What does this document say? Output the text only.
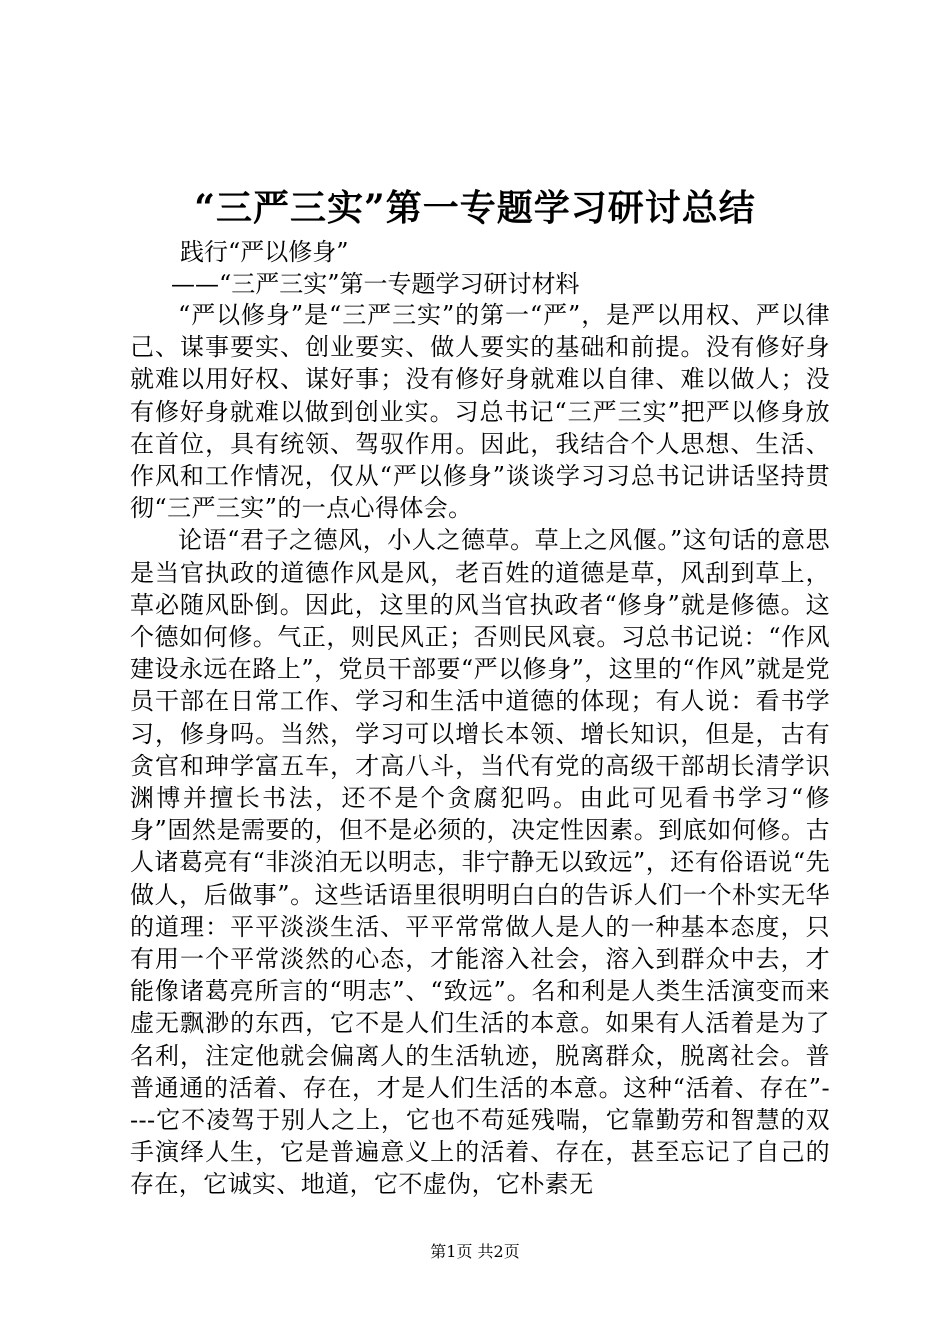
“三严三实”第一专题学习研讨总结
践行“严以修身”
——“三严三实”第一专题学习研讨材料

“严以修身”是“三严三实”的第一“严”，是严以用权、严以律己、谋事要实、创业要实、做人要实的基础和前提。没有修好身就难以用好权、谋好事；没有修好身就难以自律、难以做人；没有修好身就难以做到创业实。习总书记“三严三实”把严以修身放在首位，具有统领、驾驭作用。因此，我结合个人思想、生活、作风和工作情况，仅从“严以修身”谈谈学习习总书记讲话坚持贯彻“三严三实”的一点心得体会。

论语“君子之德风，小人之德草。草上之风偃。”这句话的意思是当官执政的道德作风是风，老百姓的道德是草，风刮到草上，草必随风卧倒。因此，这里的风当官执政者“修身”就是修德。这个德如何修。气正，则民风正；否则民风衰。习总书记说：“作风建设永远在路上”，党员干部要“严以修身”，这里的“作风”就是党员干部在日常工作、学习和生活中道德的体现；有人说：看书学习，修身吗。当然，学习可以增长本领、增长知识，但是，古有贪官和珅学富五车，才高八斗，当代有党的高级干部胡长清学识渊博并擅长书法，还不是个贪腐犯吗。由此可见看书学习“修身”固然是需要的，但不是必须的，决定性因素。到底如何修。古人诸葛亮有“非淡泊无以明志，非宁静无以致远”，还有俗语说“先做人，后做事”。这些话语里很明明白白的告诉人们一个朴实无华的道理：平平淡淡生活、平平常常做人是人的一种基本态度，只有用一个平常淡然的心态，才能溶入社会，溶入到群众中去，才能像诸葛亮所言的“明志”、“致远”。名和利是人类生活演变而来虚无飘渺的东西，它不是人们生活的本意。如果有人活着是为了名利，注定他就会偏离人的生活轨迹，脱离群众，脱离社会。普普通通的活着、存在，才是人们生活的本意。这种“活着、存在”----它不凌驾于别人之上，它也不苟延残喘，它靠勤劳和智慧的双手演绎人生，它是普遍意义上的活着、存在，甚至忘记了自己的存在，它诚实、地道，它不虚伪，它朴素无

第1页 共2页
